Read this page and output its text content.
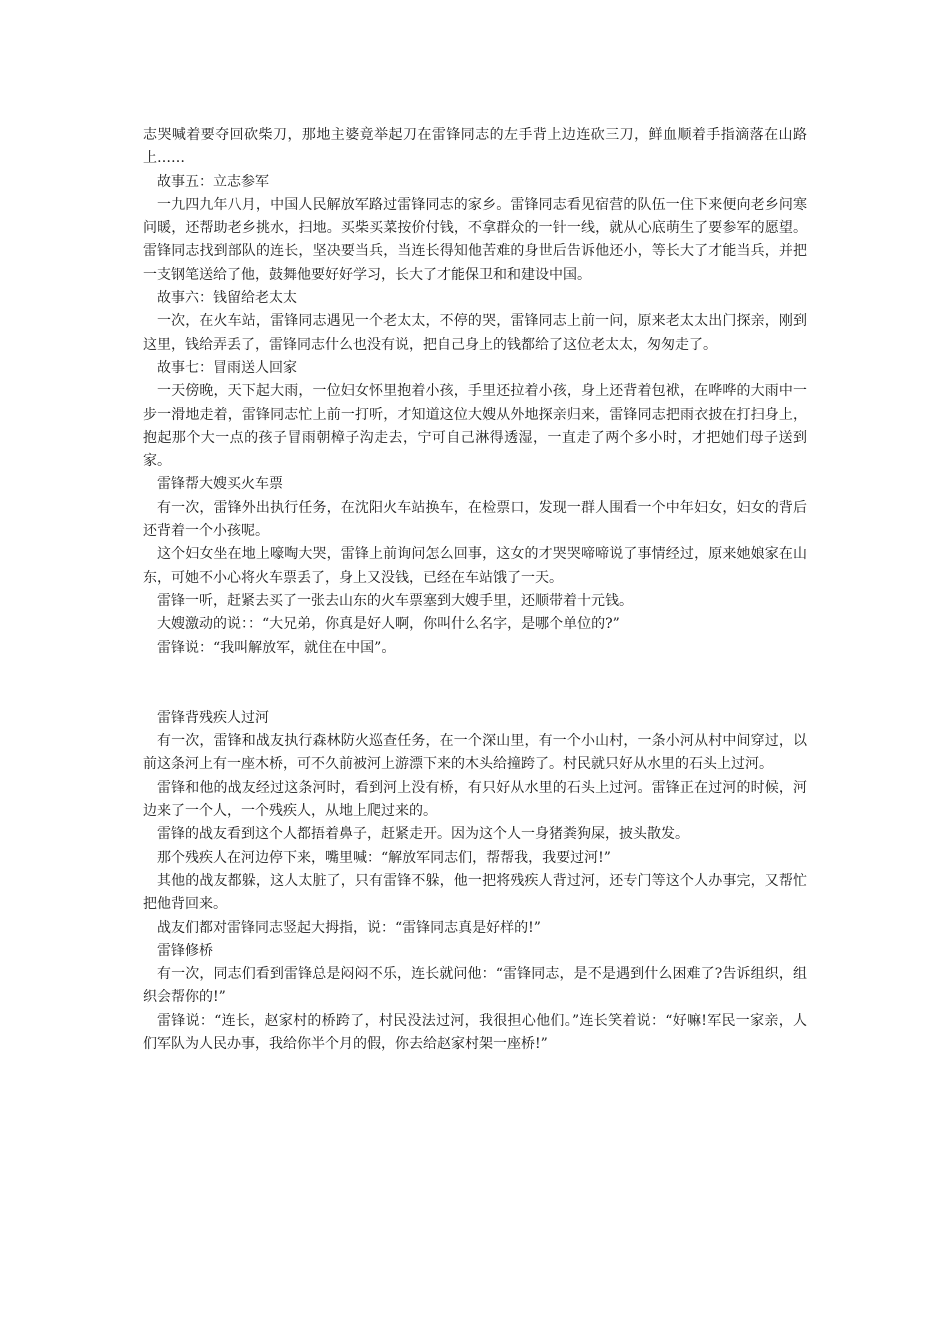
志哭喊着要夺回砍柴刀，那地主婆竟举起刀在雷锋同志的左手背上边连砍三刀，鲜血顺着手指滴落在山路上……

故事五：立志参军

一九四九年八月，中国人民解放军路过雷锋同志的家乡。雷锋同志看见宿营的队伍一住下来便向老乡问寒问暖，还帮助老乡挑水，扫地。买柴买菜按价付钱，不拿群众的一针一线，就从心底萌生了要参军的愿望。雷锋同志找到部队的连长，坚决要当兵，当连长得知他苦难的身世后告诉他还小，等长大了才能当兵，并把一支钢笔送给了他，鼓舞他要好好学习，长大了才能保卫和和建设中国。

故事六：钱留给老太太

一次，在火车站，雷锋同志遇见一个老太太，不停的哭，雷锋同志上前一问，原来老太太出门探亲，刚到这里，钱给弄丢了，雷锋同志什么也没有说，把自己身上的钱都给了这位老太太，匆匆走了。

故事七：冒雨送人回家

一天傍晚，天下起大雨，一位妇女怀里抱着小孩，手里还拉着小孩，身上还背着包袱，在哗哗的大雨中一步一滑地走着，雷锋同志忙上前一打听，才知道这位大嫂从外地探亲归来，雷锋同志把雨衣披在打扫身上，抱起那个大一点的孩子冒雨朝樟子沟走去，宁可自己淋得透湿，一直走了两个多小时，才把她们母子送到家。

雷锋帮大嫂买火车票

有一次，雷锋外出执行任务，在沈阳火车站换车，在检票口，发现一群人围看一个中年妇女，妇女的背后还背着一个小孩呢。

这个妇女坐在地上嚎啕大哭，雷锋上前询问怎么回事，这女的才哭哭啼啼说了事情经过，原来她娘家在山东，可她不小心将火车票丢了，身上又没钱，已经在车站饿了一天。

雷锋一听，赶紧去买了一张去山东的火车票塞到大嫂手里，还顺带着十元钱。

大嫂激动的说：：“大兄弟，你真是好人啊，你叫什么名字，是哪个单位的?”

雷锋说：“我叫解放军，就住在中国”。

雷锋背残疾人过河

有一次，雷锋和战友执行森林防火巡查任务，在一个深山里，有一个小山村，一条小河从村中间穿过，以前这条河上有一座木桥，可不久前被河上游漂下来的木头给撞跨了。村民就只好从水里的石头上过河。

雷锋和他的战友经过这条河时，看到河上没有桥，有只好从水里的石头上过河。雷锋正在过河的时候，河边来了一个人，一个残疾人，从地上爬过来的。

雷锋的战友看到这个人都捂着鼻子，赶紧走开。因为这个人一身猪粪狗屎，披头散发。

那个残疾人在河边停下来，嘴里喊：“解放军同志们，帮帮我，我要过河!”

其他的战友都躲，这人太脏了，只有雷锋不躲，他一把将残疾人背过河，还专门等这个人办事完，又帮忙把他背回来。

战友们都对雷锋同志竖起大拇指，说：“雷锋同志真是好样的!”

雷锋修桥

有一次，同志们看到雷锋总是闷闷不乐，连长就问他：“雷锋同志，是不是遇到什么困难了?告诉组织，组织会帮你的!”

雷锋说：“连长，赵家村的桥跨了，村民没法过河，我很担心他们。”连长笑着说：“好嘛!军民一家亲，人们军队为人民办事，我给你半个月的假，你去给赵家村架一座桥!”
